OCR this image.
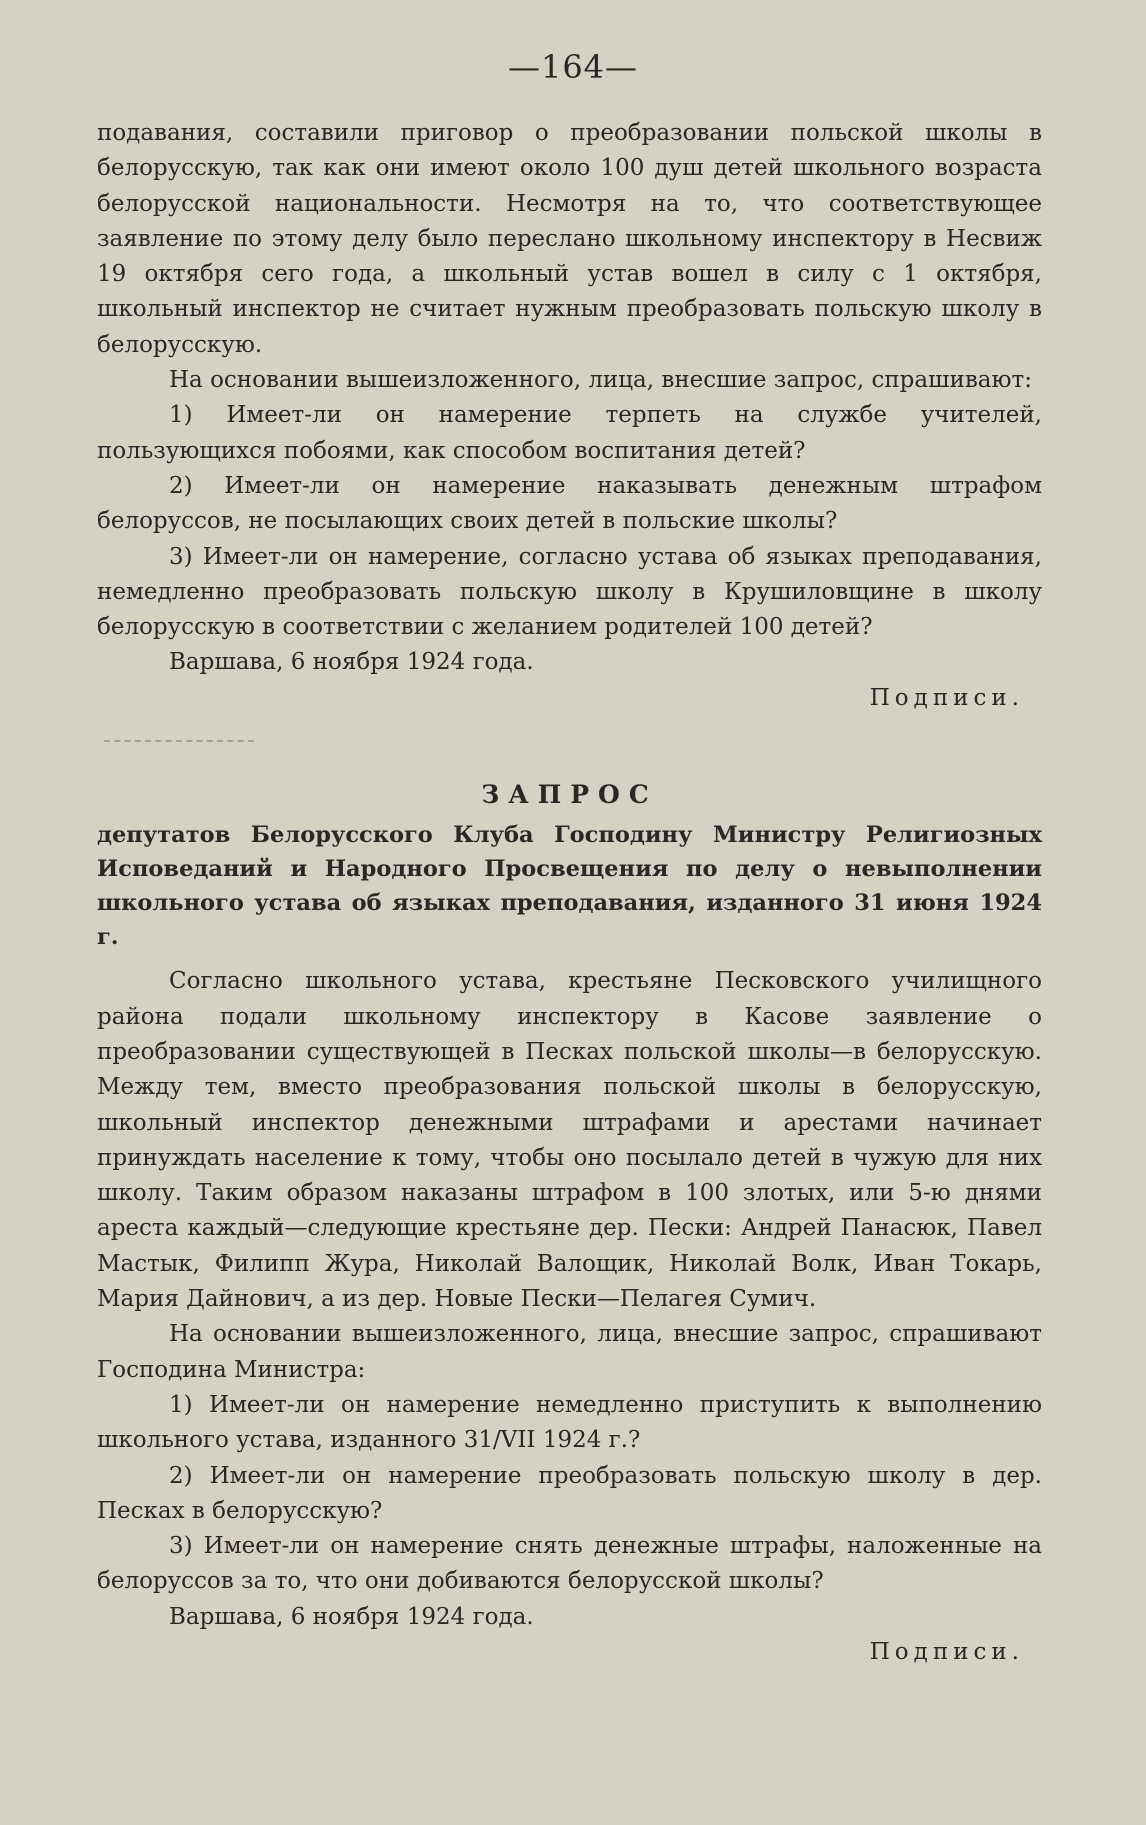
—164—

подавания, составили приговор о преобразовании польской школы в белорусскую, так как они имеют около 100 душ детей школьного возраста белорусской национальности. Несмотря на то, что соответствующее заявление по этому делу было переслано школьному инспектору в Несвиж 19 октября сего года, а школьный устав вошел в силу с 1 октября, школьный инспектор не считает нужным преобразовать польскую школу в белорусскую.

На основании вышеизложенного, лица, внесшие запрос, спрашивают:

1) Имеет-ли он намерение терпеть на службе учителей, пользующихся побоями, как способом воспитания детей?

2) Имеет-ли он намерение наказывать денежным штрафом белоруссов, не посылающих своих детей в польские школы?

3) Имеет-ли он намерение, согласно устава об языках преподавания, немедленно преобразовать польскую школу в Крушиловщине в школу белорусскую в соответствии с желанием родителей 100 детей?

Варшава, 6 ноября 1924 года.

Подписи.

ЗАПРОС

депутатов Белорусского Клуба Господину Министру Религиозных Исповеданий и Народного Просвещения по делу о невыполнении школьного устава об языках преподавания, изданного 31 июня 1924 г.

Согласно школьного устава, крестьяне Песковского училищного района подали школьному инспектору в Касове заявление о преобразовании существующей в Песках польской школы—в белорусскую. Между тем, вместо преобразования польской школы в белорусскую, школьный инспектор денежными штрафами и арестами начинает принуждать население к тому, чтобы оно посылало детей в чужую для них школу. Таким образом наказаны штрафом в 100 злотых, или 5-ю днями ареста каждый—следующие крестьяне дер. Пески: Андрей Панасюк, Павел Мастык, Филипп Жура, Николай Валощик, Николай Волк, Иван Токарь, Мария Дайнович, а из дер. Новые Пески—Пелагея Сумич.

На основании вышеизложенного, лица, внесшие запрос, спрашивают Господина Министра:

1) Имеет-ли он намерение немедленно приступить к выполнению школьного устава, изданного 31/VII 1924 г.?

2) Имеет-ли он намерение преобразовать польскую школу в дер. Песках в белорусскую?

3) Имеет-ли он намерение снять денежные штрафы, наложенные на белоруссов за то, что они добиваются белорусской школы?

Варшава, 6 ноября 1924 года.

Подписи.
